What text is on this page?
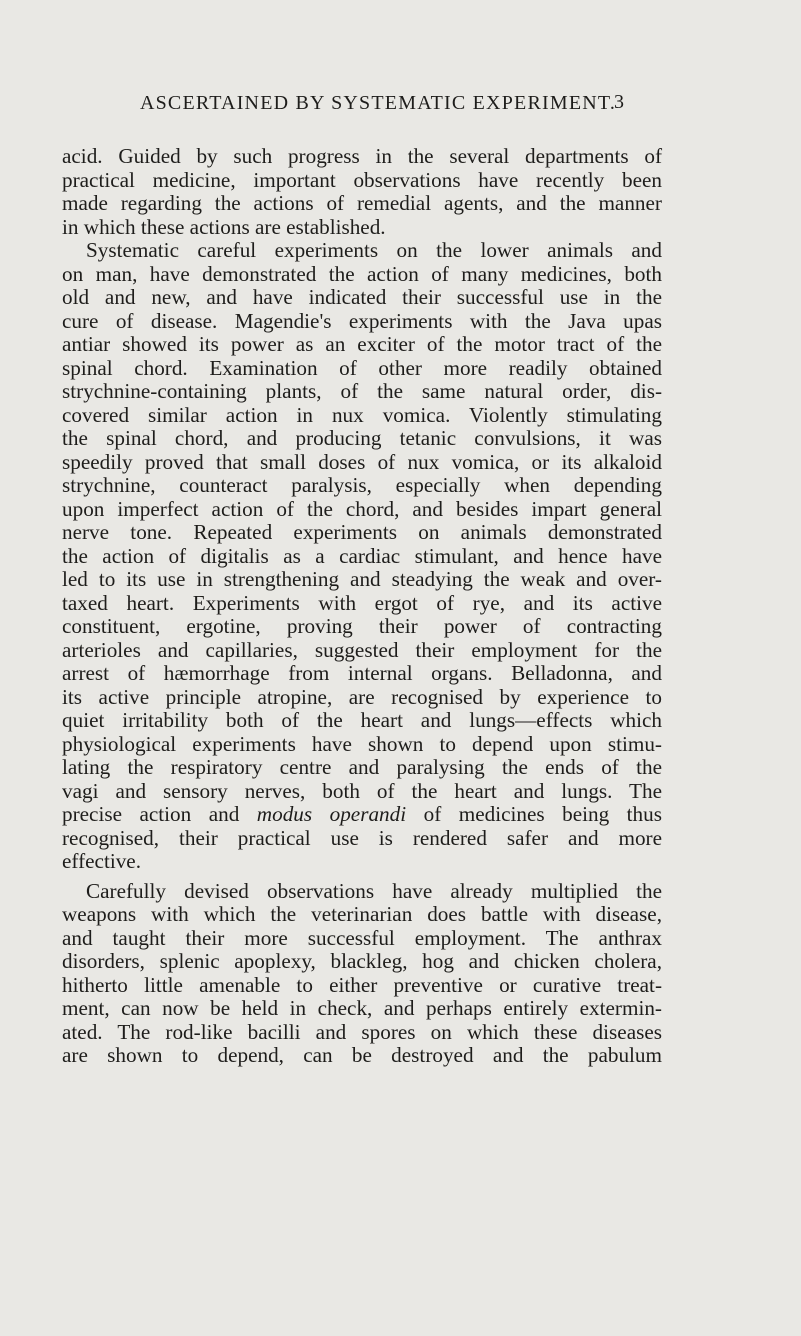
ASCERTAINED BY SYSTEMATIC EXPERIMENT.
3
acid. Guided by such progress in the several departments of
practical medicine, important observations have recently been
made regarding the actions of remedial agents, and the manner
in which these actions are established.
Systematic careful experiments on the lower animals and
on man, have demonstrated the action of many medicines, both
old and new, and have indicated their successful use in the
cure of disease. Magendie's experiments with the Java upas
antiar showed its power as an exciter of the motor tract of the
spinal chord. Examination of other more readily obtained
strychnine-containing plants, of the same natural order, dis-
covered similar action in nux vomica. Violently stimulating
the spinal chord, and producing tetanic convulsions, it was
speedily proved that small doses of nux vomica, or its alkaloid
strychnine, counteract paralysis, especially when depending
upon imperfect action of the chord, and besides impart general
nerve tone. Repeated experiments on animals demonstrated
the action of digitalis as a cardiac stimulant, and hence have
led to its use in strengthening and steadying the weak and over-
taxed heart. Experiments with ergot of rye, and its active
constituent, ergotine, proving their power of contracting
arterioles and capillaries, suggested their employment for the
arrest of hæmorrhage from internal organs. Belladonna, and
its active principle atropine, are recognised by experience to
quiet irritability both of the heart and lungs—effects which
physiological experiments have shown to depend upon stimu-
lating the respiratory centre and paralysing the ends of the
vagi and sensory nerves, both of the heart and lungs. The
precise action and modus operandi of medicines being thus
recognised, their practical use is rendered safer and more
effective.
Carefully devised observations have already multiplied the
weapons with which the veterinarian does battle with disease,
and taught their more successful employment. The anthrax
disorders, splenic apoplexy, blackleg, hog and chicken cholera,
hitherto little amenable to either preventive or curative treat-
ment, can now be held in check, and perhaps entirely extermin-
ated. The rod-like bacilli and spores on which these diseases
are shown to depend, can be destroyed and the pabulum
